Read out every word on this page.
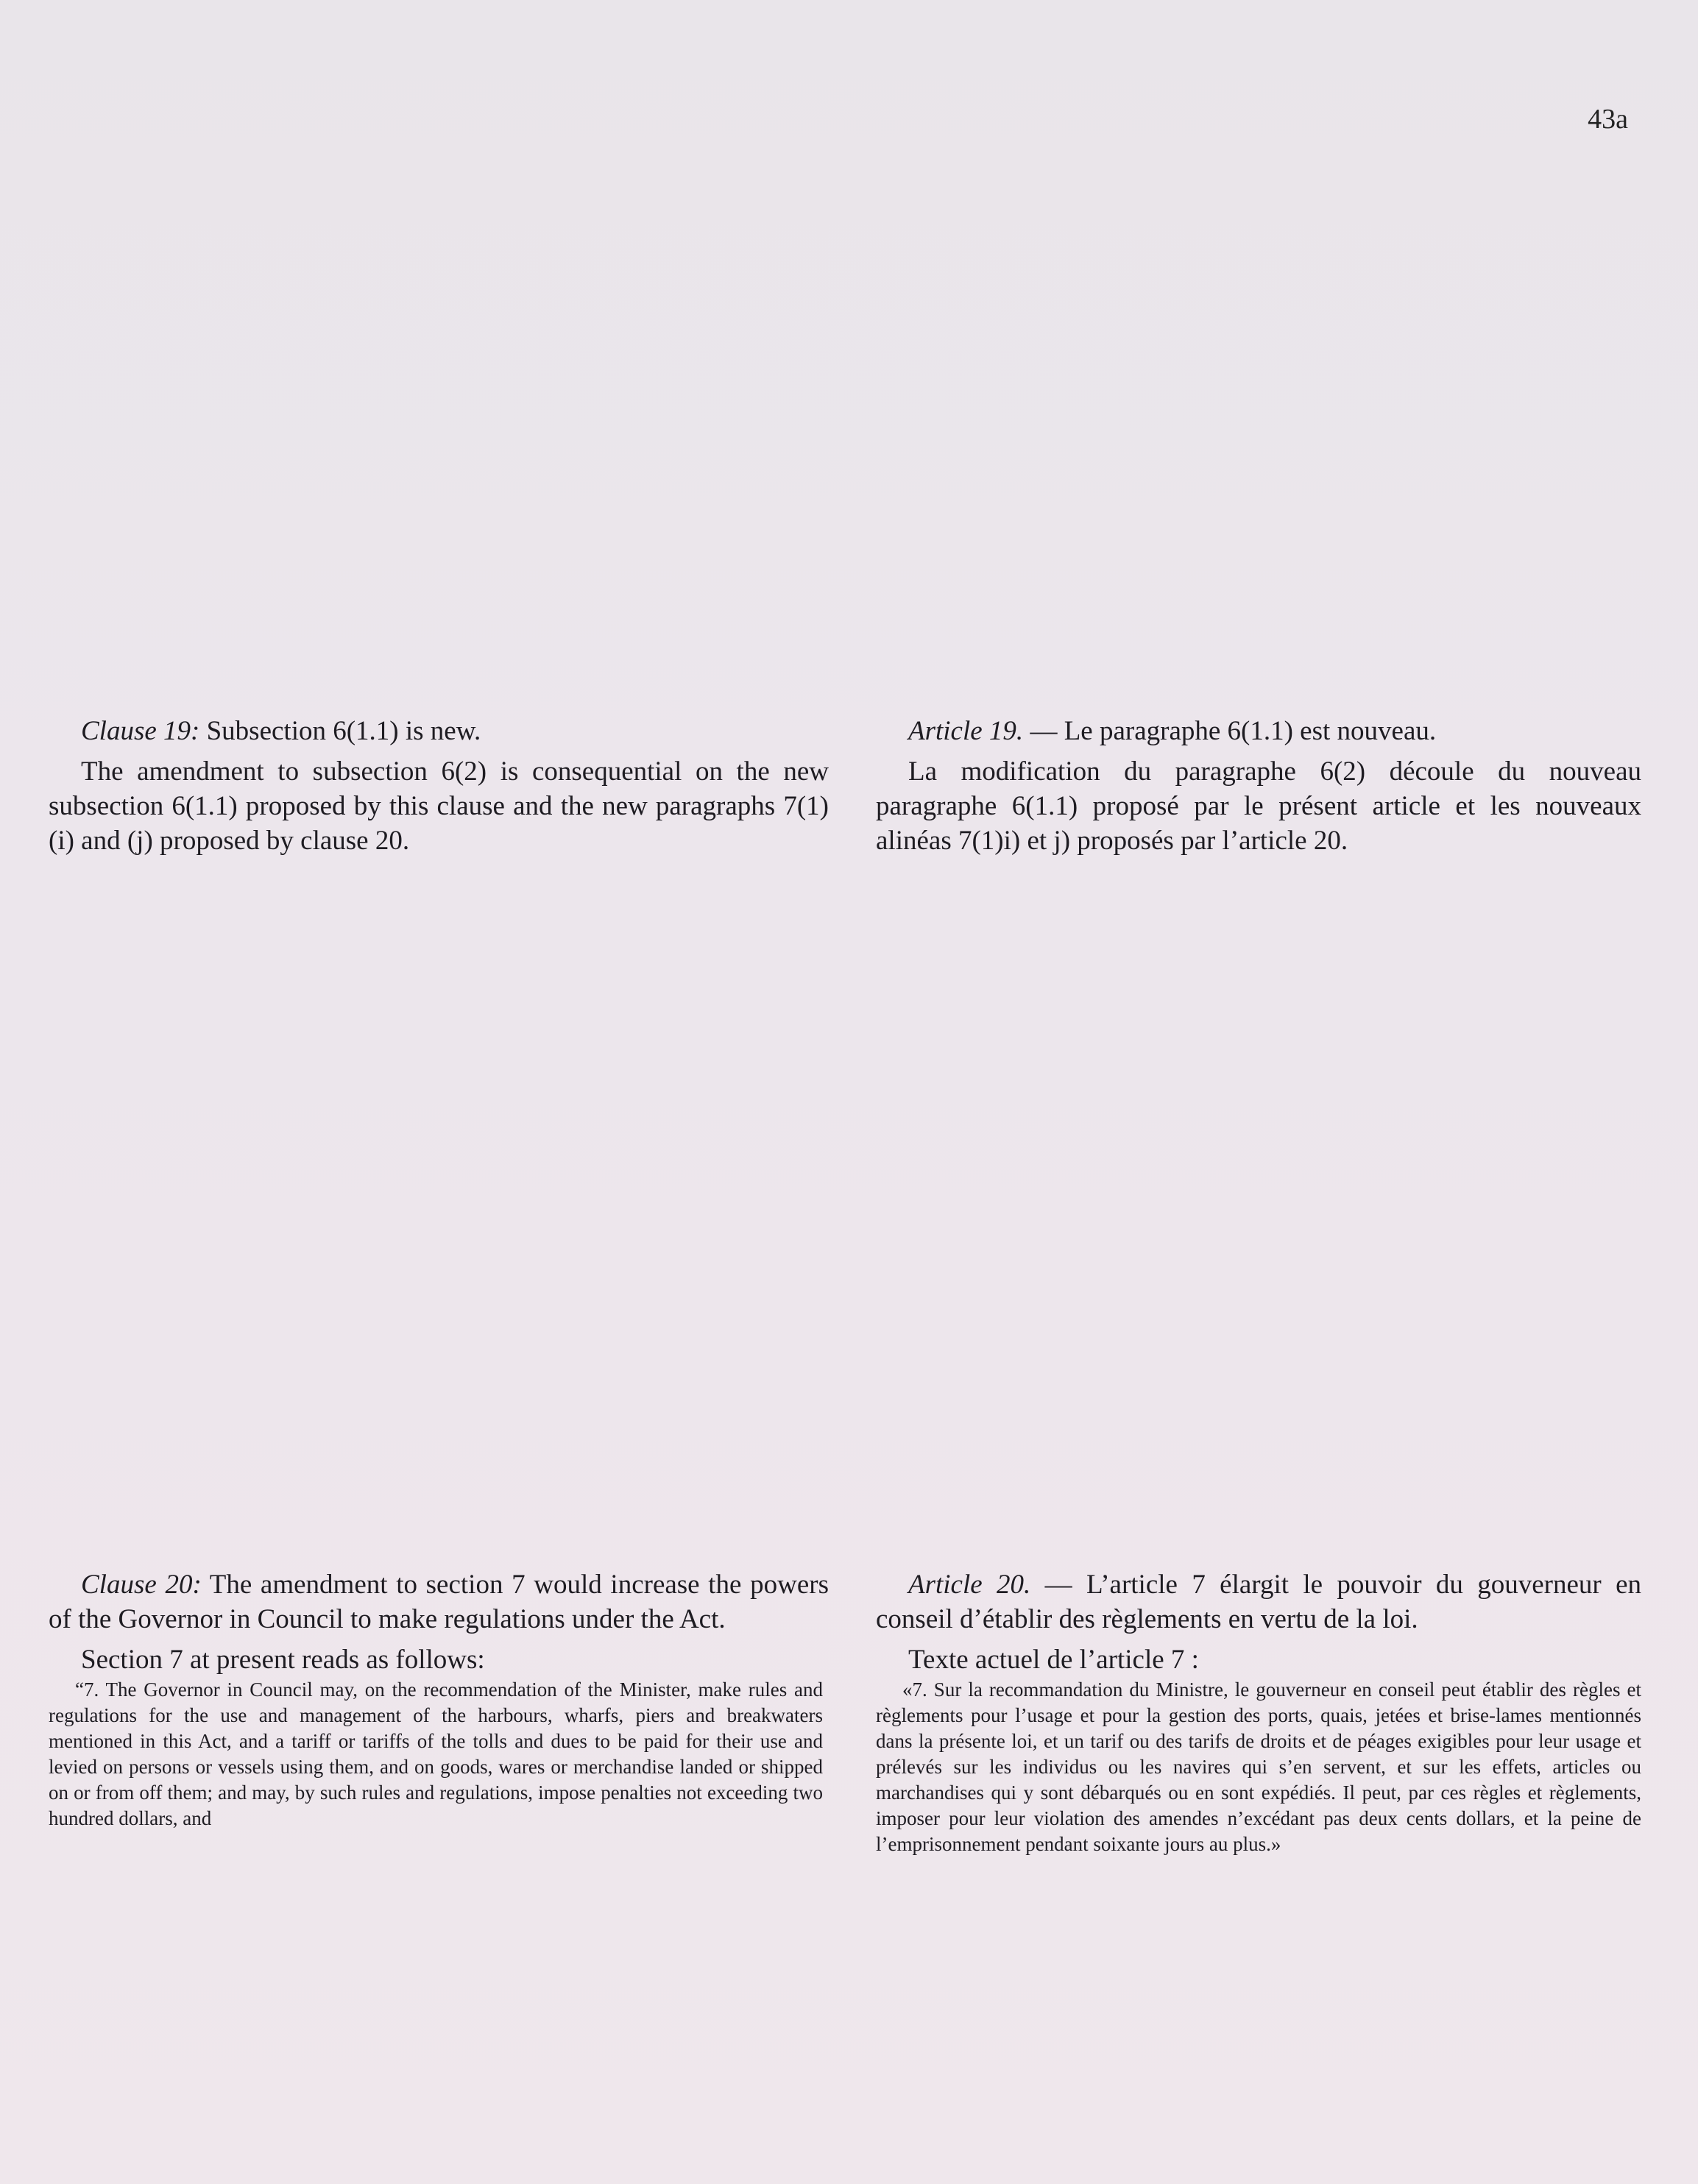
43a

Clause 19: Subsection 6(1.1) is new.

The amendment to subsection 6(2) is consequential on the new subsection 6(1.1) proposed by this clause and the new paragraphs 7(1)(i) and (j) proposed by clause 20.

Article 19. — Le paragraphe 6(1.1) est nouveau.

La modification du paragraphe 6(2) découle du nouveau paragraphe 6(1.1) proposé par le présent article et les nouveaux alinéas 7(1)i) et j) proposés par l’article 20.

Clause 20: The amendment to section 7 would increase the powers of the Governor in Council to make regulations under the Act.

Section 7 at present reads as follows:

“7. The Governor in Council may, on the recommendation of the Minister, make rules and regulations for the use and management of the harbours, wharfs, piers and breakwaters mentioned in this Act, and a tariff or tariffs of the tolls and dues to be paid for their use and levied on persons or vessels using them, and on goods, wares or merchandise landed or shipped on or from off them; and may, by such rules and regulations, impose penalties not exceeding two hundred dollars, and

Article 20. — L’article 7 élargit le pouvoir du gouverneur en conseil d’établir des règlements en vertu de la loi.

Texte actuel de l’article 7 :

«7. Sur la recommandation du Ministre, le gouverneur en conseil peut établir des règles et règlements pour l’usage et pour la gestion des ports, quais, jetées et brise-lames mentionnés dans la présente loi, et un tarif ou des tarifs de droits et de péages exigibles pour leur usage et prélevés sur les individus ou les navires qui s’en servent, et sur les effets, articles ou marchandises qui y sont débarqués ou en sont expédiés. Il peut, par ces règles et règlements, imposer pour leur violation des amendes n’excédant pas deux cents dollars, et la peine de l’emprisonnement pendant soixante jours au plus.»
